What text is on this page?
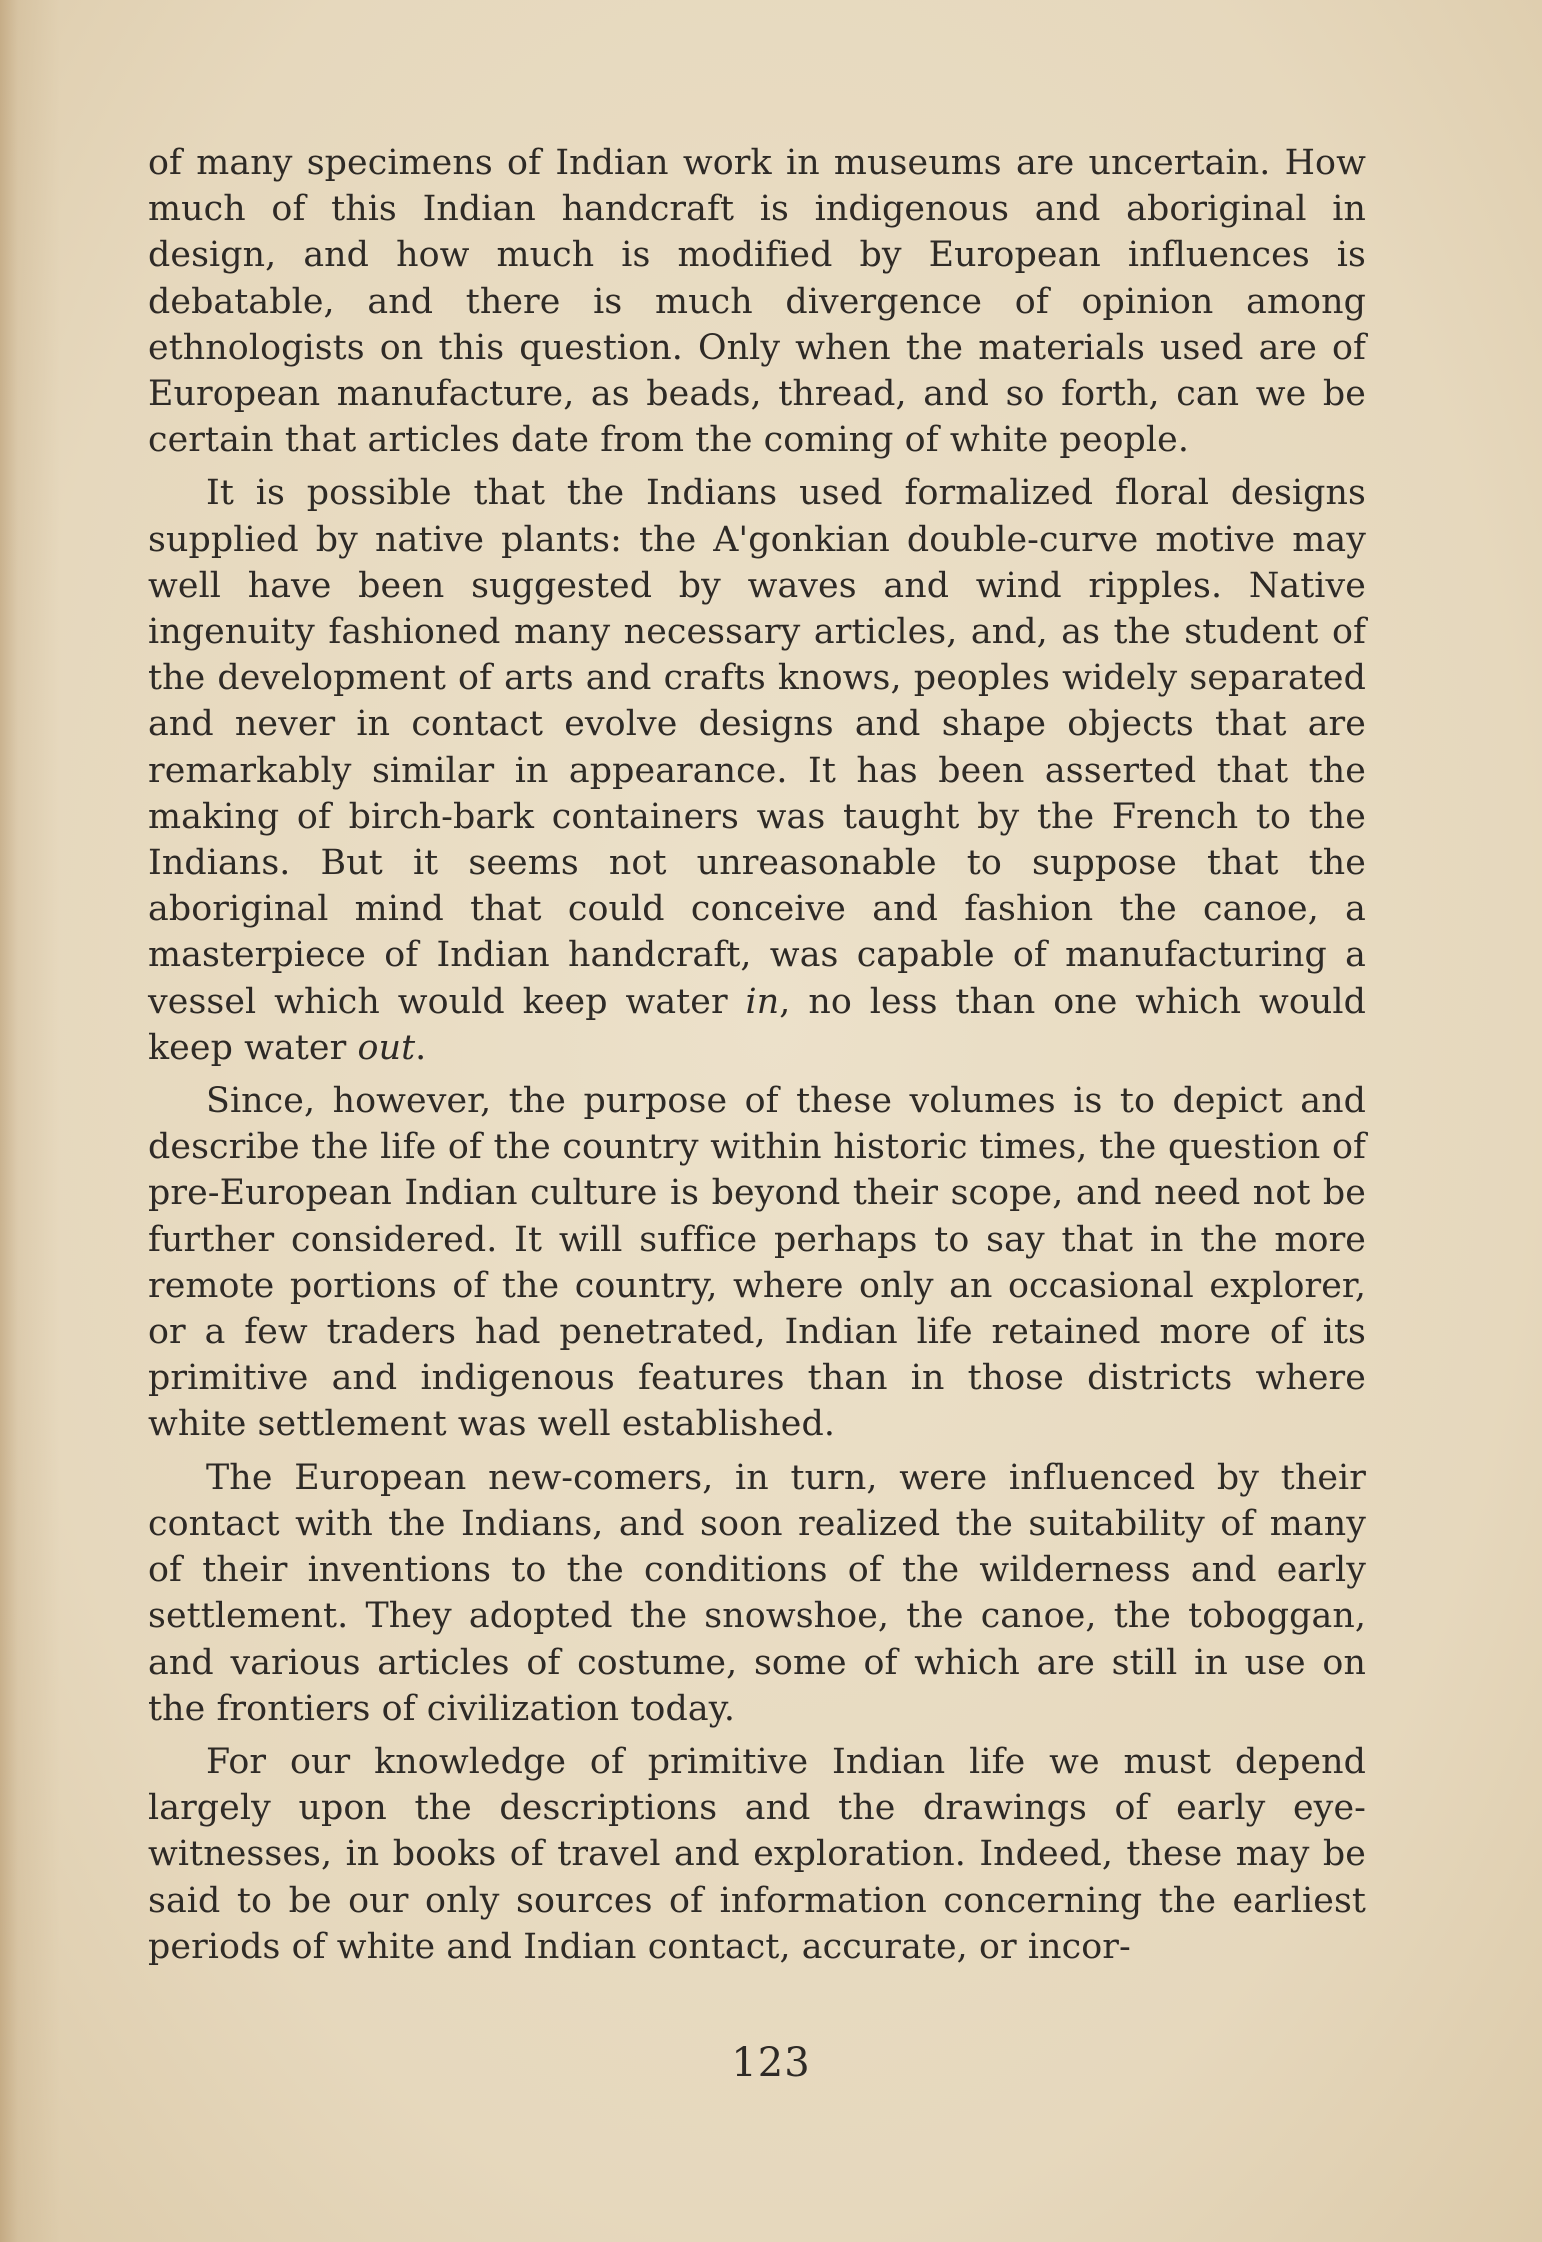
of many specimens of Indian work in museums are uncertain. How much of this Indian handcraft is indigenous and aboriginal in design, and how much is modified by European influences is debatable, and there is much divergence of opinion among ethnologists on this question. Only when the materials used are of European manufacture, as beads, thread, and so forth, can we be certain that articles date from the coming of white people.

It is possible that the Indians used formalized floral designs supplied by native plants: the A'gonkian double-curve motive may well have been suggested by waves and wind ripples. Native ingenuity fashioned many necessary articles, and, as the student of the development of arts and crafts knows, peoples widely separated and never in contact evolve designs and shape objects that are remarkably similar in appearance. It has been asserted that the making of birch-bark containers was taught by the French to the Indians. But it seems not unreasonable to suppose that the aboriginal mind that could conceive and fashion the canoe, a masterpiece of Indian handcraft, was capable of manufacturing a vessel which would keep water in, no less than one which would keep water out.

Since, however, the purpose of these volumes is to depict and describe the life of the country within historic times, the question of pre-European Indian culture is beyond their scope, and need not be further considered. It will suffice perhaps to say that in the more remote portions of the country, where only an occasional explorer, or a few traders had penetrated, Indian life retained more of its primitive and indigenous features than in those districts where white settlement was well established.

The European new-comers, in turn, were influenced by their contact with the Indians, and soon realized the suitability of many of their inventions to the conditions of the wilderness and early settlement. They adopted the snowshoe, the canoe, the toboggan, and various articles of costume, some of which are still in use on the frontiers of civilization today.

For our knowledge of primitive Indian life we must depend largely upon the descriptions and the drawings of early eye-witnesses, in books of travel and exploration. Indeed, these may be said to be our only sources of information concerning the earliest periods of white and Indian contact, accurate, or incor-

123
